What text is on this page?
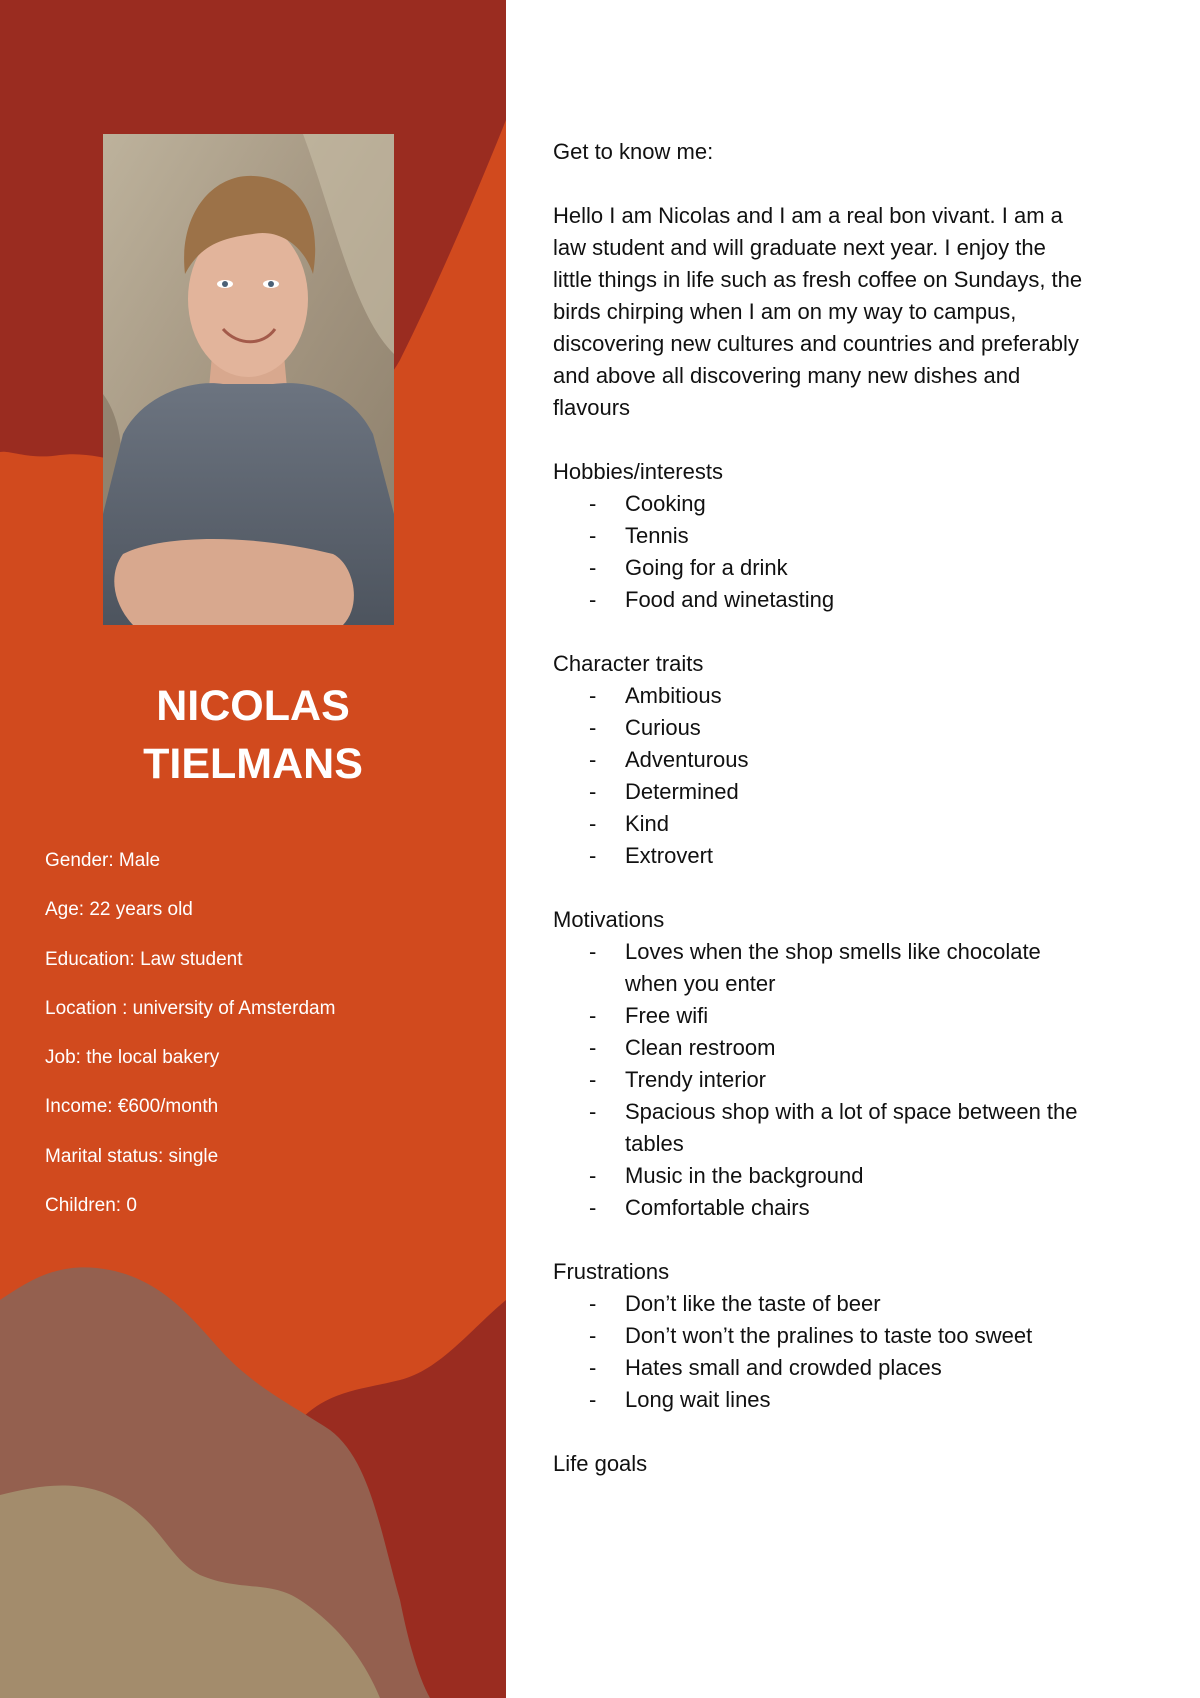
NICOLAS
TIELMANS
Gender: Male
Age: 22 years old
Education: Law student
Location : university of Amsterdam
Job: the local bakery
Income: €600/month
Marital status: single
Children: 0
Get to know me:
Hello I am Nicolas and I am a real bon vivant. I am a
law student and will graduate next year. I enjoy the
little things in life such as fresh coffee on Sundays, the
birds chirping when I am on my way to campus,
discovering new cultures and countries and preferably
and above all discovering many new dishes and
flavours
Hobbies/interests
- Cooking
- Tennis
- Going for a drink
- Food and winetasting
Character traits
- Ambitious
- Curious
- Adventurous
- Determined
- Kind
- Extrovert
Motivations
- Loves when the shop smells like chocolate
when you enter
- Free wifi
- Clean restroom
- Trendy interior
- Spacious shop with a lot of space between the
tables
- Music in the background
- Comfortable chairs
Frustrations
- Don’t like the taste of beer
- Don’t won’t the pralines to taste too sweet
- Hates small and crowded places
- Long wait lines
Life goals
